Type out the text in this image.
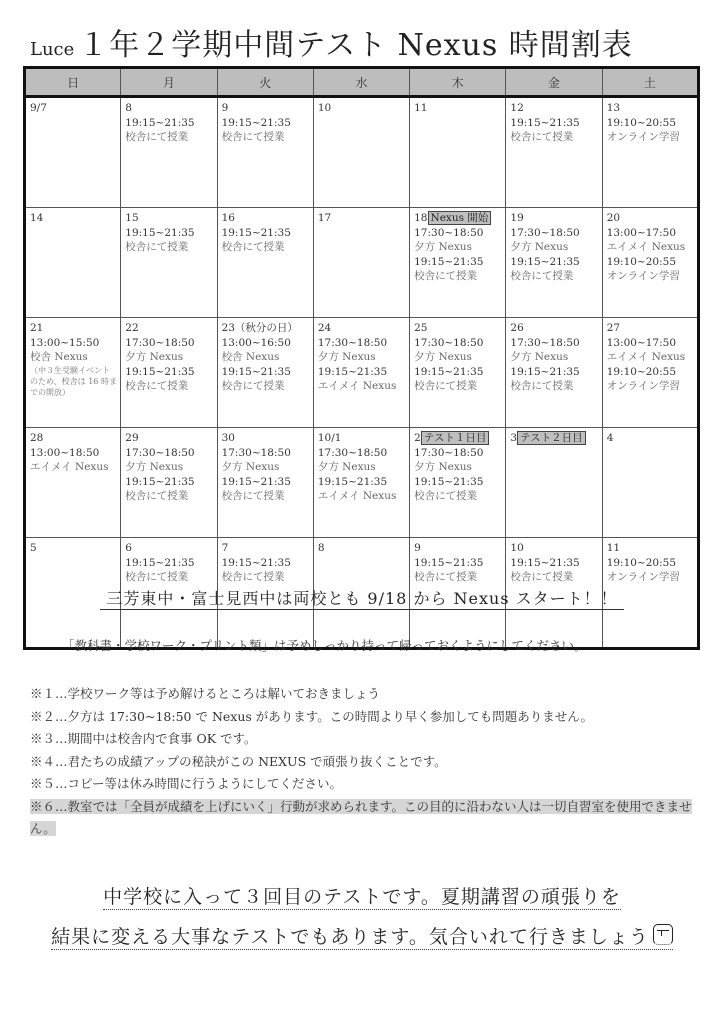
Luce １年２学期中間テスト Nexus 時間割表
日	月	火	水	木	金	土

9/7	8
19:15~21:35
校舎にて授業	9
19:15~21:35
校舎にて授業	10	11	12
19:15~21:35
校舎にて授業	13
19:10~20:55
オンライン学習

14	15
19:15~21:35
校舎にて授業	16
19:15~21:35
校舎にて授業	17	18 Nexus 開始
17:30~18:50
夕方 Nexus
19:15~21:35
校舎にて授業	19
17:30~18:50
夕方 Nexus
19:15~21:35
校舎にて授業	20
13:00~17:50
エイメイ Nexus
19:10~20:55
オンライン学習

21
13:00~15:50
校舎 Nexus
（中３生受験イベントのため、校舎は 16 時までの開放）	22
17:30~18:50
夕方 Nexus
19:15~21:35
校舎にて授業	23（秋分の日）
13:00~16:50
校舎 Nexus
19:15~21:35
校舎にて授業	24
17:30~18:50
夕方 Nexus
19:15~21:35
エイメイ Nexus	25
17:30~18:50
夕方 Nexus
19:15~21:35
校舎にて授業	26
17:30~18:50
夕方 Nexus
19:15~21:35
校舎にて授業	27
13:00~17:50
エイメイ Nexus
19:10~20:55
オンライン学習

28
13:00~18:50
エイメイ Nexus	29
17:30~18:50
夕方 Nexus
19:15~21:35
校舎にて授業	30
17:30~18:50
夕方 Nexus
19:15~21:35
校舎にて授業	10/1
17:30~18:50
夕方 Nexus
19:15~21:35
エイメイ Nexus	2 テスト１日目
17:30~18:50
夕方 Nexus
19:15~21:35
校舎にて授業	3 テスト２日目	4

5	6
19:15~21:35
校舎にて授業	7
19:15~21:35
校舎にて授業	8	9
19:15~21:35
校舎にて授業	10
19:15~21:35
校舎にて授業	11
19:10~20:55
オンライン学習
三芳東中・富士見西中は両校とも 9/18 から Nexus スタート！！
「教科書・学校ワーク・プリント類」は予めしっかり持って帰っておくようにしてください。
※１…学校ワーク等は予め解けるところは解いておきましょう
※２…夕方は 17:30~18:50 で Nexus があります。この時間より早く参加しても問題ありません。
※３…期間中は校舎内で食事 OK です。
※４…君たちの成績アップの秘訣がこの NEXUS で頑張り抜くことです。
※５…コピー等は休み時間に行うようにしてください。
※６…教室では「全員が成績を上げにいく」行動が求められます。この目的に沿わない人は一切自習室を使用できません。
中学校に入って３回目のテストです。夏期講習の頑張りを
結果に変える大事なテストでもあります。気合いれて行きましょう
